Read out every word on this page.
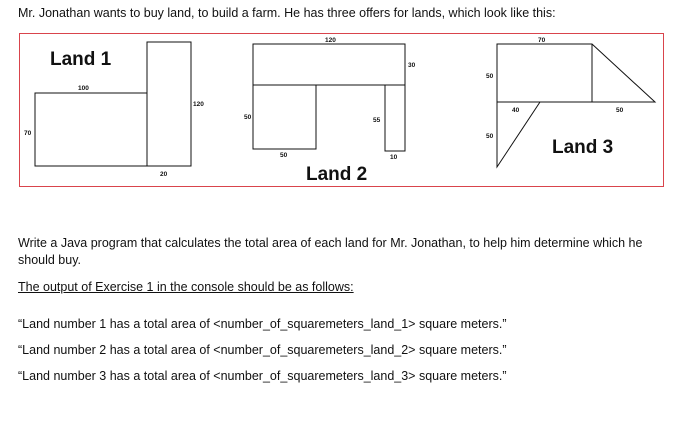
Mr. Jonathan wants to buy land, to build a farm. He has three offers for lands, which look like this:

Land 1
100
70
120
20
120
30
50
50
55
10
Land 2
70
50
50
40	50
Land 3

Write a Java program that calculates the total area of each land for Mr. Jonathan, to help him determine which he should buy.

The output of Exercise 1 in the console should be as follows:

“Land number 1 has a total area of <number_of_squaremeters_land_1> square meters.”

“Land number 2 has a total area of <number_of_squaremeters_land_2> square meters.”

“Land number 3 has a total area of <number_of_squaremeters_land_3> square meters.”
